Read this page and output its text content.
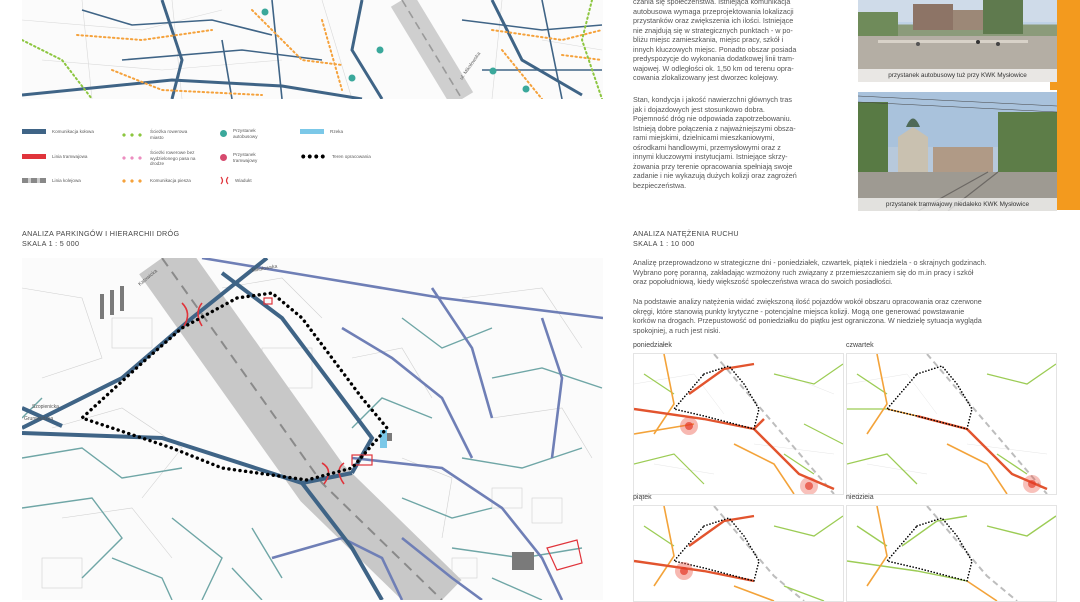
ul. Mikołowska
Komunikacja kołowa
Linia tramwajowa
Linia kolejowa
Ścieżka rowerowa miasto
Ścieżki rowerowe bez wydzielonego pasa na drodze
Komunikacja piesza
Przystanek autobusowy
Przystanek tramwajowy
Wiadukt
Rzeka
Teren opracowania

czania się społeczeństwa. Istniejąca komunikacja

autobusowa wymaga przeprojektowania lokalizacji

przystanków oraz zwiększenia ich ilości. Istniejące

nie znajdują się w strategicznych punktach - w po-

bliżu miejsc zamieszkania, miejsc pracy, szkół i

innych kluczowych miejsc. Ponadto obszar posiada

predyspozycje do wykonania dodatkowej linii tram-

wajowej. W odległości ok. 1,50 km od terenu opra-

cowania zlokalizowany jest dworzec kolejowy.

Stan, kondycja i jakość nawierzchni głównych tras

jak i dojazdowych jest stosunkowo dobra.

Pojemność dróg nie odpowiada zapotrzebowaniu.

Istnieją dobre połączenia z najważniejszymi obsza-

rami miejskimi, dzielnicami mieszkaniowymi,

ośrodkami handlowymi, przemysłowymi oraz z

innymi kluczowymi instytucjami. Istniejące skrzy-

żowania przy terenie opracowania spełniają swoje

zadanie i nie wykazują dużych kolizji oraz zagrożeń

bezpieczeństwa.

przystanek autobusowy tuż przy KWK Mysłowice
przystanek tramwajowy niedaleko KWK Mysłowice
ANALIZA PARKINGÓW I HIERARCHII DRÓG
SKALA 1 : 5 000
Katowicka	Mikołowska
Grunwaldzka
Szopienicka
ANALIZA NATĘŻENIA RUCHU
SKALA 1 : 10 000

Analizę przeprowadzono w strategiczne dni - poniedziałek, czwartek, piątek i niedziela - o skrajnych godzinach.

Wybrano porę poranną, zakładając wzmożony ruch związany z przemieszczaniem się do m.in pracy i szkół

oraz popołudniową, kiedy większość społeczeństwa wraca do swoich posiadłości.

Na podstawie analizy natężenia widać zwiększoną ilość pojazdów wokół obszaru opracowania oraz czerwone

okręgi, które stanowią punkty krytyczne - potencjalne miejsca kolizji. Mogą one generować powstawanie

korków na drogach. Przepustowość od poniedziałku do piątku jest ograniczona. W niedzielę sytuacja wygląda

spokojniej, a ruch jest niski.

poniedziałek	czwartek
piątek	niedziela
